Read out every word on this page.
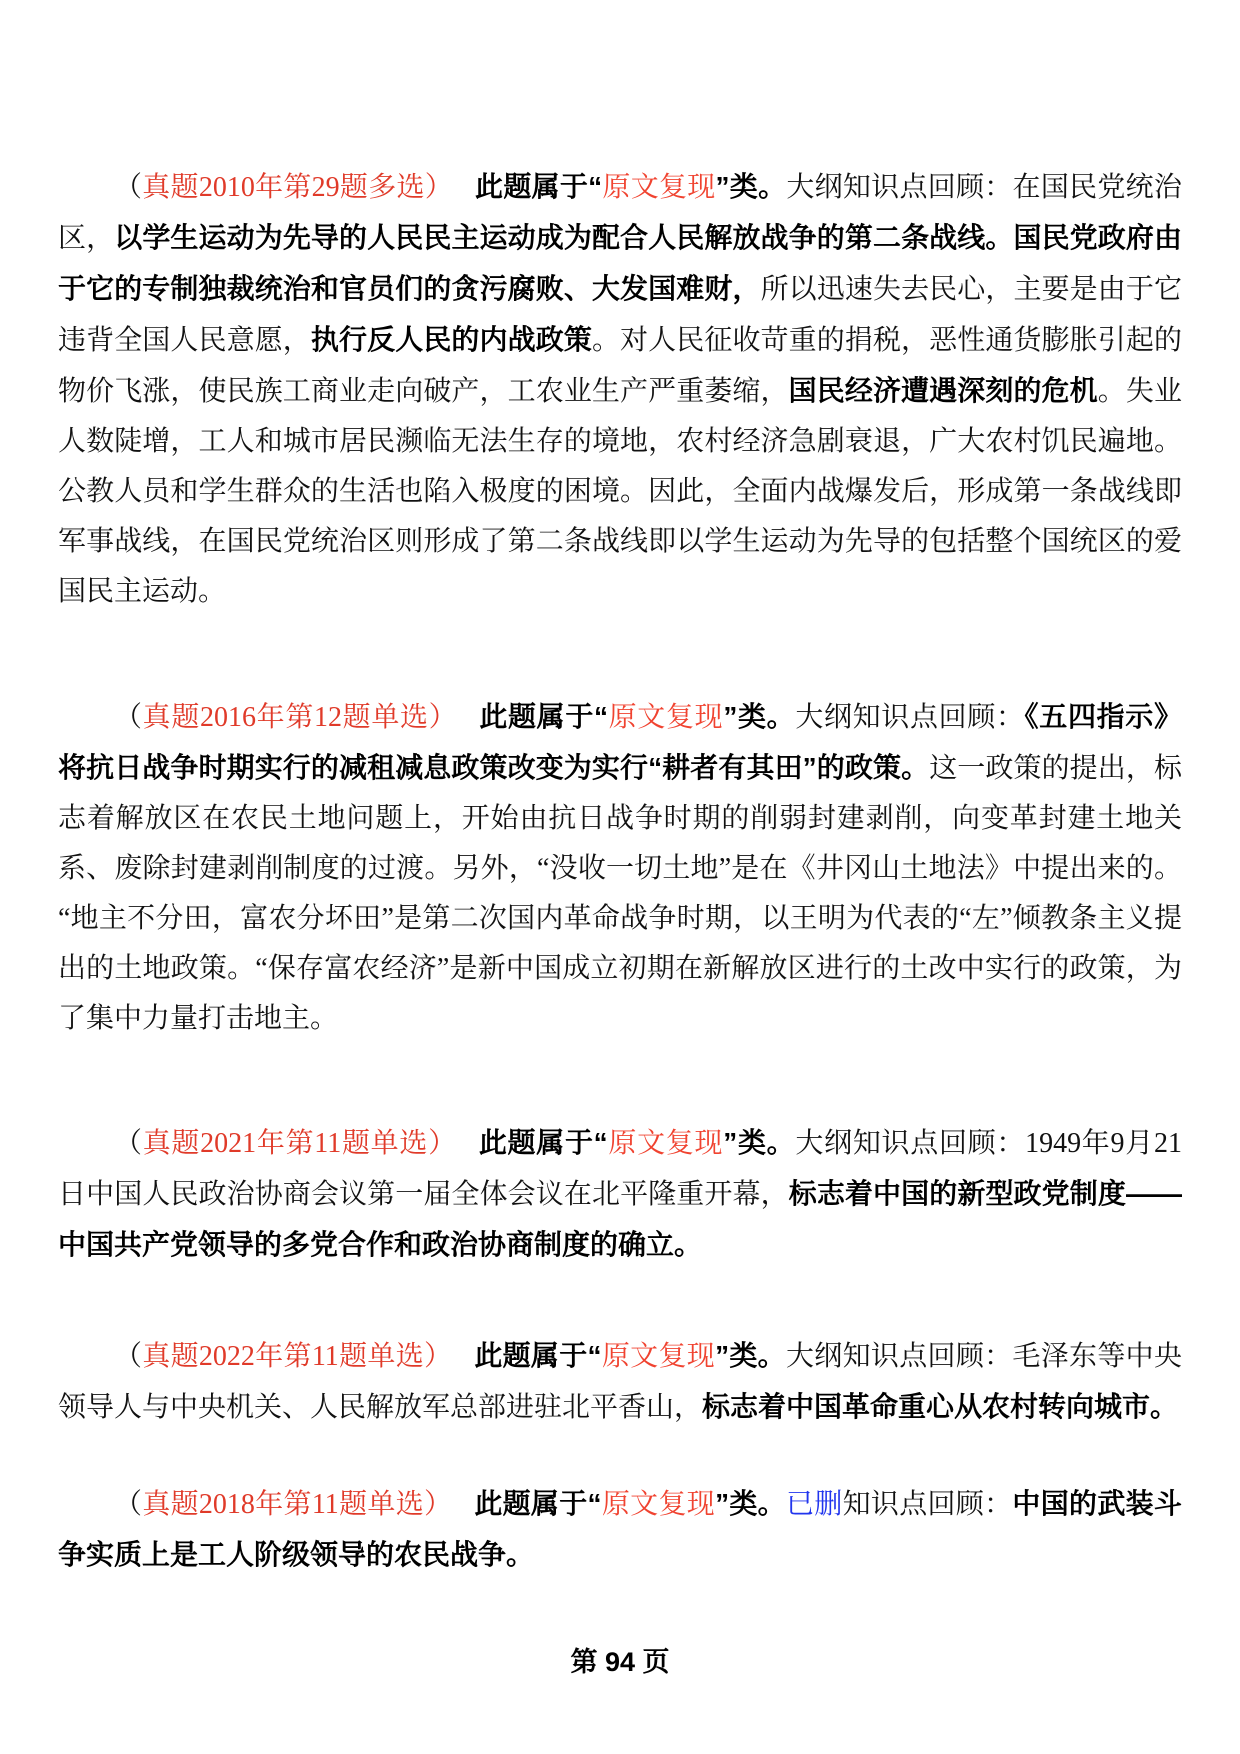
（真题2010年第29题多选） 此题属于“原文复现”类。大纲知识点回顾：在国民党统治区，以学生运动为先导的人民民主运动成为配合人民解放战争的第二条战线。国民党政府由于它的专制独裁统治和官员们的贪污腐败、大发国难财，所以迅速失去民心，主要是由于它违背全国人民意愿，执行反人民的内战政策。对人民征收苛重的捐税，恶性通货膨胀引起的物价飞涨，使民族工商业走向破产，工农业生产严重萎缩，国民经济遭遇深刻的危机。失业人数陡增，工人和城市居民濒临无法生存的境地，农村经济急剧衰退，广大农村饥民遍地。公教人员和学生群众的生活也陷入极度的困境。因此，全面内战爆发后，形成第一条战线即军事战线，在国民党统治区则形成了第二条战线即以学生运动为先导的包括整个国统区的爱国民主运动。

（真题2016年第12题单选） 此题属于“原文复现”类。大纲知识点回顾：《五四指示》将抗日战争时期实行的减租减息政策改变为实行“耕者有其田”的政策。这一政策的提出，标志着解放区在农民土地问题上，开始由抗日战争时期的削弱封建剥削，向变革封建土地关系、废除封建剥削制度的过渡。另外，“没收一切土地”是在《井冈山土地法》中提出来的。“地主不分田，富农分坏田”是第二次国内革命战争时期，以王明为代表的“左”倾教条主义提出的土地政策。“保存富农经济”是新中国成立初期在新解放区进行的土改中实行的政策，为了集中力量打击地主。

（真题2021年第11题单选） 此题属于“原文复现”类。大纲知识点回顾：1949年9月21日中国人民政治协商会议第一届全体会议在北平隆重开幕，标志着中国的新型政党制度——中国共产党领导的多党合作和政治协商制度的确立。

（真题2022年第11题单选） 此题属于“原文复现”类。大纲知识点回顾：毛泽东等中央领导人与中央机关、人民解放军总部进驻北平香山，标志着中国革命重心从农村转向城市。

（真题2018年第11题单选） 此题属于“原文复现”类。已删知识点回顾：中国的武装斗争实质上是工人阶级领导的农民战争。

第 94 页
